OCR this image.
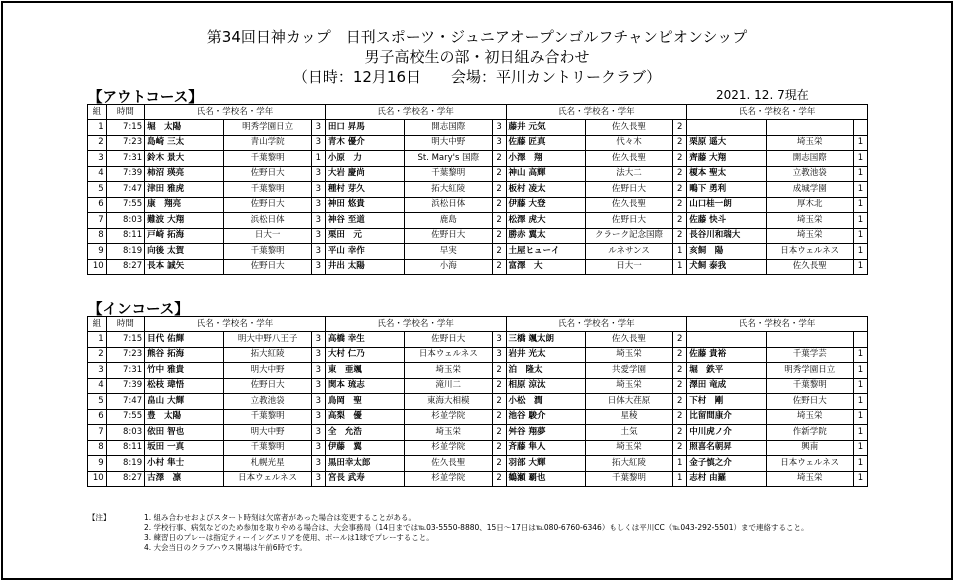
第34回日神カップ　日刊スポーツ・ジュニアオープンゴルフチャンピオンシップ
男子高校生の部・初日組み合わせ
（日時：12月16日　　会場：平川カントリークラブ）
【アウトコース】	2021. 12. 7現在
組	時間	氏名・学校名・学年			氏名・学校名・学年			氏名・学校名・学年			氏名・学校名・学年		
1	7:15	堀　太陽	明秀学園日立	3	田口 昇馬	開志国際	3	藤井 元気	佐久長聖	2			
2	7:23	島崎 三太	青山学院	3	青木 優介	明大中野	3	佐藤 匠真	代々木	2	栗原 遥大	埼玉栄	1
3	7:31	鈴木 景大	千葉黎明	1	小原　力	St. Mary's 国際	2	小澤　翔	佐久長聖	2	齊藤 大翔	開志国際	1
4	7:39	柿沼 瑛亮	佐野日大	3	大岩 慶尚	千葉黎明	2	神山 高輝	法大二	2	榎本 聖太	立教池袋	1
5	7:47	津田 雅虎	千葉黎明	3	種村 芽久	拓大紅陵	2	板村 凌太	佐野日大	2	鴫下 勇利	成城学園	1
6	7:55	康　翔亮	佐野日大	3	神田 悠貴	浜松日体	2	伊藤 大登	佐久長聖	2	山口桂一朗	厚木北	1
7	8:03	難波 大翔	浜松日体	3	神谷 至道	鹿島	2	松澤 虎大	佐野日大	2	佐藤 快斗	埼玉栄	1
8	8:11	戸崎 拓海	日大一	3	栗田　元	佐野日大	2	勝赤 翼太	クラーク記念国際	2	長谷川和瑞大	埼玉栄	1
9	8:19	向後 太賀	千葉黎明	3	平山 幸作	早実	2	土屋ヒューイ	ルネサンス	1	亥飼　陽	日本ウェルネス	1
10	8:27	長本 誠矢	佐野日大	3	井出 太陽	小海	2	富澤　大	日大一	1	犬飼 泰我	佐久長聖	1
【インコース】
組	時間	氏名・学校名・学年			氏名・学校名・学年			氏名・学校名・学年			氏名・学校名・学年		
1	7:15	目代 佑輝	明大中野八王子	3	高橋 幸生	佐野日大	3	三橋 颯太朗	佐久長聖	2			
2	7:23	熊谷 拓海	拓大紅陵	3	大村 仁乃	日本ウェルネス	3	岩井 光太	埼玉栄	2	佐藤 貴裕	千葉学芸	1
3	7:31	竹中 雅貴	明大中野	3	東　亜颯	埼玉栄	2	泊　隆太	共愛学園	2	堀　鉄平	明秀学園日立	1
4	7:39	松枝 瑋悟	佐野日大	3	関本 琉志	滝川二	2	相原 涼汰	埼玉栄	2	澤田 竜成	千葉黎明	1
5	7:47	畠山 大輝	立教池袋	3	鳥岡　聖	東海大相模	2	小松　潤	日体大荏原	2	下村　剛	佐野日大	1
6	7:55	豊　太陽	千葉黎明	3	高梨　優	杉並学院	2	池谷 駿介	星稜	2	比留間康介	埼玉栄	1
7	8:03	依田 智也	明大中野	3	全　允浩	埼玉栄	2	舛谷 翔夢	土気	2	中川虎ノ介	作新学院	1
8	8:11	坂田 一真	千葉黎明	3	伊藤　翼	杉並学院	2	斉藤 隼人	埼玉栄	2	照喜名朝昇	興南	1
9	8:19	小村 隼士	札幌光星	3	黒田幸太郎	佐久長聖	2	羽部 大輝	拓大紅陵	1	金子慎之介	日本ウェルネス	1
10	8:27	古澤　凛	日本ウェルネス	3	宮長 武寿	杉並学院	2	鶴瀬 覇也	千葉黎明	1	志村 由羅	埼玉栄	1
【注】	1. 組み合わせおよびスタート時刻は欠席者があった場合は変更することがある。
2. 学校行事、病気などのため参加を取りやめる場合は、大会事務局（14日までは℡03-5550-8880、15日～17日は℡080-6760-6346）もしくは平川CC（℡043-292-5501）まで連絡すること。
3. 練習日のプレーは指定ティーイングエリアを使用、ボールは1球でプレーすること。
4. 大会当日のクラブハウス開場は午前6時です。
